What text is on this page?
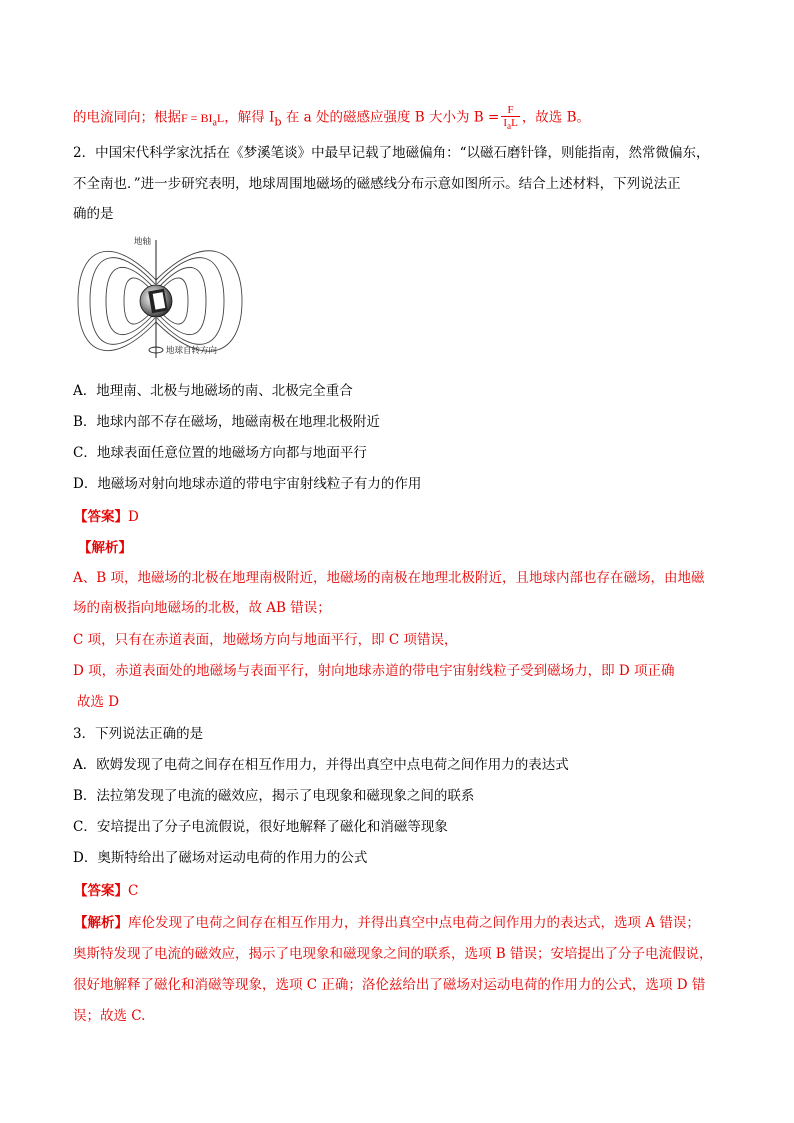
的电流同向；根据$F = BI_aL$，解得 $I_b$ 在 a 处的磁感应强度 B 大小为 $B = \frac{F}{I_aL}$ ，故选 B。
2．中国宋代科学家沈括在《梦溪笔谈》中最早记载了地磁偏角：“以磁石磨针锋，则能指南，然常微偏东，
不全南也．”进一步研究表明，地球周围地磁场的磁感线分布示意如图所示。结合上述材料，下列说法正
确的是
地轴
地球自转方向
A．地理南、北极与地磁场的南、北极完全重合
B．地球内部不存在磁场，地磁南极在地理北极附近
C．地球表面任意位置的地磁场方向都与地面平行
D．地磁场对射向地球赤道的带电宇宙射线粒子有力的作用
【答案】D
【解析】
A、B 项，地磁场的北极在地理南极附近，地磁场的南极在地理北极附近，且地球内部也存在磁场，由地磁
场的南极指向地磁场的北极，故 AB 错误；
C 项，只有在赤道表面，地磁场方向与地面平行，即 C 项错误，
D 项，赤道表面处的地磁场与表面平行，射向地球赤道的带电宇宙射线粒子受到磁场力，即 D 项正确
故选 D
3．下列说法正确的是
A．欧姆发现了电荷之间存在相互作用力，并得出真空中点电荷之间作用力的表达式
B．法拉第发现了电流的磁效应，揭示了电现象和磁现象之间的联系
C．安培提出了分子电流假说，很好地解释了磁化和消磁等现象
D．奥斯特给出了磁场对运动电荷的作用力的公式
【答案】C
【解析】库伦发现了电荷之间存在相互作用力，并得出真空中点电荷之间作用力的表达式，选项 A 错误；
奥斯特发现了电流的磁效应，揭示了电现象和磁现象之间的联系，选项 B 错误；安培提出了分子电流假说，
很好地解释了磁化和消磁等现象，选项 C 正确；洛伦兹给出了磁场对运动电荷的作用力的公式，选项 D 错
误；故选 C.
